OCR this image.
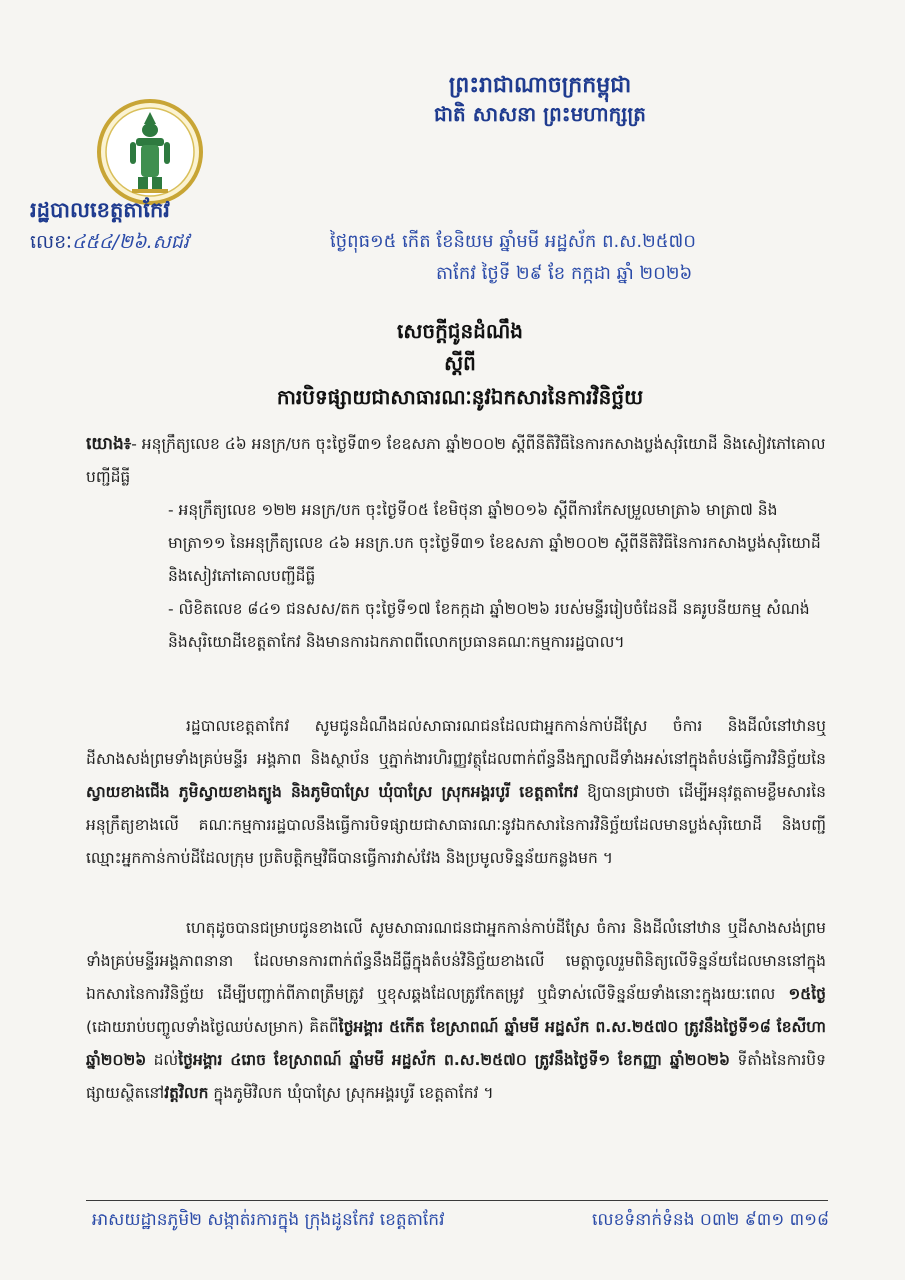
ព្រះរាជាណាចក្រកម្ពុជា
ជាតិ សាសនា ព្រះមហាក្សត្រ
រដ្ឋបាលខេត្តតាកែវ
លេខៈ៤៥៤/២៦.សជវ	ថ្ងៃពុធ១៥ កើត ខែនិយម ឆ្នាំមមី អដ្ឋស័ក ព.ស.២៥៧០
តាកែវ ថ្ងៃទី ២៩ ខែ កក្កដា ឆ្នាំ ២០២៦
សេចក្តីជូនដំណឹង
ស្តីពី
ការបិទផ្សាយជាសាធារណៈនូវឯកសារនៃការវិនិច្ឆ័យ
យោង៖- អនុក្រឹត្យលេខ ៤៦ អនក្រ/បក ចុះថ្ងៃទី៣១ ខែឧសភា ឆ្នាំ២០០២ ស្តីពីនីតិវិធីនៃការកសាងប្លង់សុរិយោដី និងសៀវភៅគោលបញ្ជីដីធ្លី
- អនុក្រឹត្យលេខ ១២២ អនក្រ/បក ចុះថ្ងៃទី០៥ ខែមិថុនា ឆ្នាំ២០១៦ ស្តីពីការកែសម្រួលមាត្រា៦ មាត្រា៧ និងមាត្រា១១ នៃអនុក្រឹត្យលេខ ៤៦ អនក្រ.បក ចុះថ្ងៃទី៣១ ខែឧសភា ឆ្នាំ២០០២ ស្តីពីនីតិវិធីនៃការកសាងប្លង់សុរិយោដី និងសៀវភៅគោលបញ្ជីដីធ្លី
- លិខិតលេខ ៨៤១ ជនសស/តក ចុះថ្ងៃទី១៧ ខែកក្កដា ឆ្នាំ២០២៦ របស់មន្ទីររៀបចំដែនដី នគរូបនីយកម្ម សំណង់ និងសុរិយោដីខេត្តតាកែវ និងមានការឯកភាពពីលោកប្រធានគណៈកម្មការរដ្ឋបាល។
រដ្ឋបាលខេត្តតាកែវ សូមជូនដំណឹងដល់សាធារណជនដែលជាអ្នកកាន់កាប់ដីស្រែ ចំការ និងដីលំនៅឋានឬ ដីសាងសង់ព្រមទាំងគ្រប់មន្ទីរ អង្គភាព និងស្ថាប័ន ឬភ្នាក់ងារហិរញ្ញវត្ថុដែលពាក់ព័ន្ធនឹងក្បាលដីទាំងអស់នៅក្នុងតំបន់ធ្វើការវិនិច្ឆ័យនៃស្វាយខាងជើង ភូមិស្វាយខាងត្បូង និងភូមិបាស្រែ ឃុំបាស្រែ ស្រុកអង្គរបូរី ខេត្តតាកែវ ឱ្យបានជ្រាបថា ដើម្បីអនុវត្តតាមខ្លឹមសារនៃអនុក្រឹត្យខាងលើ គណៈកម្មការរដ្ឋបាលនឹងធ្វើការបិទផ្សាយជាសាធារណៈនូវឯកសារនៃការវិនិច្ឆ័យដែលមានប្លង់សុរិយោដី និងបញ្ជីឈ្មោះអ្នកកាន់កាប់ដីដែលក្រុម ប្រតិបត្តិកម្មវិធីបានធ្វើការវាស់វែង និងប្រមូលទិន្នន័យកន្លងមក ។
ហេតុដូចបានជម្រាបជូនខាងលើ សូមសាធារណជនជាអ្នកកាន់កាប់ដីស្រែ ចំការ និងដីលំនៅឋាន ឬដីសាងសង់ព្រមទាំងគ្រប់មន្ទីរអង្គភាពនានា ដែលមានការពាក់ព័ន្ធនឹងដីធ្លីក្នុងតំបន់វិនិច្ឆ័យខាងលើ មេត្តាចូលរួមពិនិត្យលើទិន្នន័យដែលមាននៅក្នុងឯកសារនៃការវិនិច្ឆ័យ ដើម្បីបញ្ជាក់ពីភាពត្រឹមត្រូវ ឬខុសឆ្គងដែលត្រូវកែតម្រូវ ឬជំទាស់លើទិន្នន័យទាំងនោះក្នុងរយៈពេល ១៥ថ្ងៃ (ដោយរាប់បញ្ចូលទាំងថ្ងៃឈប់សម្រាក) គិតពីថ្ងៃអង្គារ ៥កើត ខែស្រាពណ៍ ឆ្នាំមមី អដ្ឋស័ក ព.ស.២៥៧០ ត្រូវនឹងថ្ងៃទី១៨ ខែសីហា ឆ្នាំ២០២៦ ដល់ថ្ងៃអង្គារ ៤រោច ខែស្រាពណ៍ ឆ្នាំមមី អដ្ឋស័ក ព.ស.២៥៧០ ត្រូវនឹងថ្ងៃទី១ ខែកញ្ញា ឆ្នាំ២០២៦ ទីតាំងនៃការបិទផ្សាយស្ថិតនៅវត្តវិលក ក្នុងភូមិវិលក ឃុំបាស្រែ ស្រុកអង្គរបូរី ខេត្តតាកែវ ។
អាសយដ្ឋានភូមិ២ សង្កាត់រការក្នុង ក្រុងដូនកែវ ខេត្តតាកែវ	លេខទំនាក់ទំនង ០៣២ ៩៣១ ៣១៨
